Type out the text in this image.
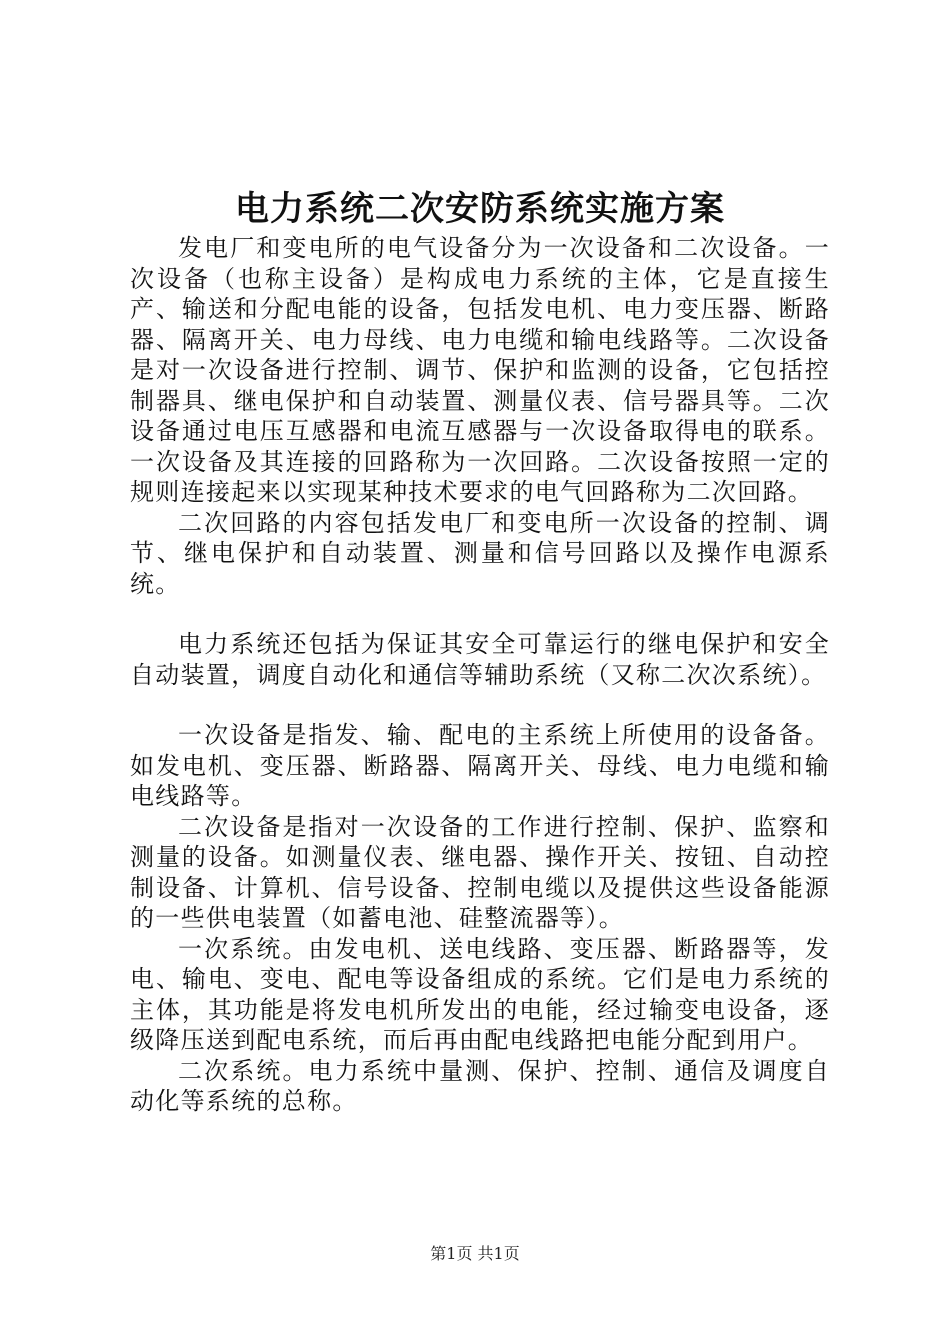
电力系统二次安防系统实施方案

发电厂和变电所的电气设备分为一次设备和二次设备。一次设备（也称主设备）是构成电力系统的主体，它是直接生产、输送和分配电能的设备，包括发电机、电力变压器、断路器、隔离开关、电力母线、电力电缆和输电线路等。二次设备是对一次设备进行控制、调节、保护和监测的设备，它包括控制器具、继电保护和自动装置、测量仪表、信号器具等。二次设备通过电压互感器和电流互感器与一次设备取得电的联系。一次设备及其连接的回路称为一次回路。二次设备按照一定的规则连接起来以实现某种技术要求的电气回路称为二次回路。

二次回路的内容包括发电厂和变电所一次设备的控制、调节、继电保护和自动装置、测量和信号回路以及操作电源系统。

电力系统还包括为保证其安全可靠运行的继电保护和安全自动装置，调度自动化和通信等辅助系统（又称二次次系统）。

一次设备是指发、输、配电的主系统上所使用的设备备。如发电机、变压器、断路器、隔离开关、母线、电力电缆和输电线路等。

二次设备是指对一次设备的工作进行控制、保护、监察和测量的设备。如测量仪表、继电器、操作开关、按钮、自动控制设备、计算机、信号设备、控制电缆以及提供这些设备能源的一些供电装置（如蓄电池、硅整流器等）。

一次系统。由发电机、送电线路、变压器、断路器等，发电、输电、变电、配电等设备组成的系统。它们是电力系统的主体，其功能是将发电机所发出的电能，经过输变电设备，逐级降压送到配电系统，而后再由配电线路把电能分配到用户。

二次系统。电力系统中量测、保护、控制、通信及调度自动化等系统的总称。

第1页 共1页
